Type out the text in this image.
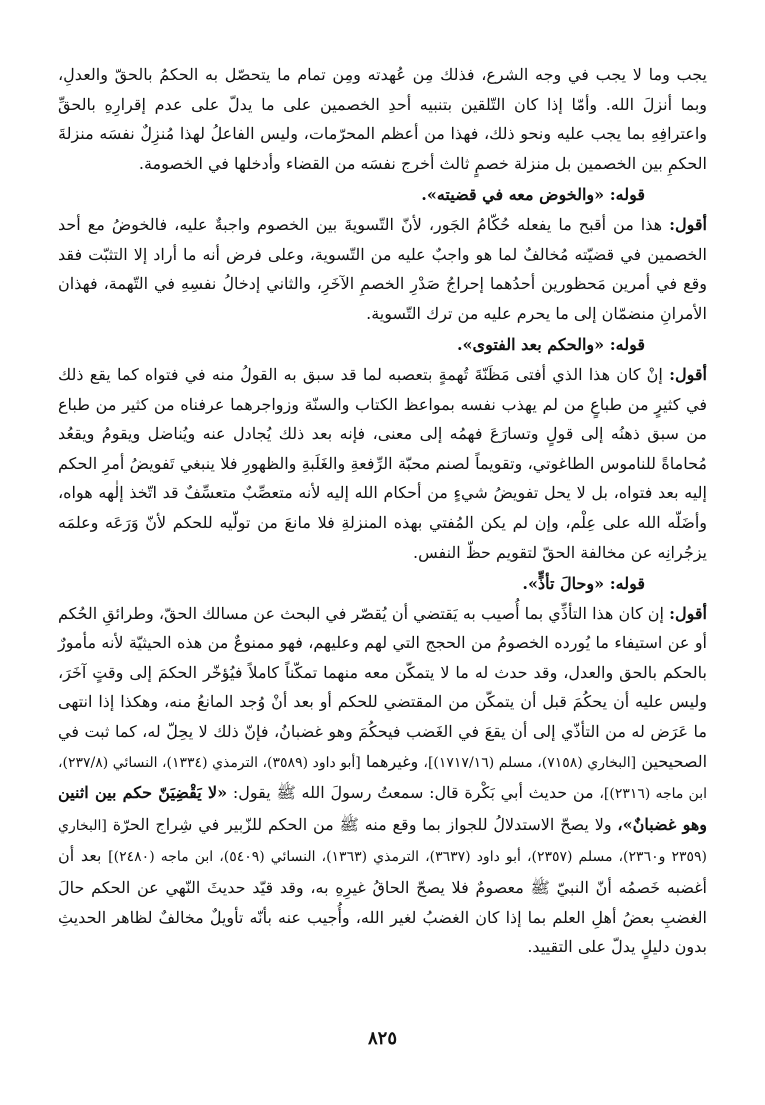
يجب وما لا يجب في وجه الشرع، فذلك مِن عُهدته ومِن تمام ما يتحصّل به الحكمُ بالحقّ والعدلِ، وبما أنزلَ الله. وأمّا إذا كان التّلقين بتنبيه أحدِ الخصمين على ما يدلّ على عدم إقرارِهِ بالحقِّ واعترافِهِ بما يجب عليه ونحو ذلك، فهذا من أعظم المحرّمات، وليس الفاعلُ لهذا مُنزِلٌ نفسَه منزلةَ الحكمِ بين الخصمين بل منزلة خصمٍ ثالث أخرج نفسَه من القضاء وأدخلها في الخصومة.

قوله: «والخوض معه في قضيته».

أقول: هذا من أقبح ما يفعله حُكّامُ الجَور، لأنّ التّسويةَ بين الخصوم واجبةٌ عليه، فالخوضُ مع أحد الخصمين في قضيّته مُخالفٌ لما هو واجبٌ عليه من التّسوية، وعلى فرض أنه ما أراد إلا التثبّت فقد وقع في أمرين مَحظورين أحدُهما إحراجُ صَدْرِ الخصمِ الآخَرِ، والثاني إدخالُ نفسِهِ في التّهمة، فهذان الأمرانِ منضمّان إلى ما يحرم عليه من ترك التّسوية.

قوله: «والحكم بعد الفتوى».

أقول: إنْ كان هذا الذي أفتى مَظَنّةَ تُهمةٍ بتعصبه لما قد سبق به القولُ منه في فتواه كما يقع ذلك في كثيرٍ من طباعٍ من لم يهذب نفسه بمواعظ الكتاب والسنّة وزواجرهما عرفناه من كثير من طباع من سبق ذهنُه إلى قولٍ وتسارَعَ فهمُه إلى معنى، فإنه بعد ذلك يُجادل عنه ويُناضل ويقومُ ويقعُد مُحاماةً للناموس الطاغوتي، وتقويماً لصنم محبّة الرِّفعةِ والغَلَبةِ والظهورِ فلا ينبغي تَفويضُ أمرِ الحكم إليه بعد فتواه، بل لا يحل تفويضُ شيءٍ من أحكام الله إليه لأنه متعصِّبٌ متعسِّفٌ قد اتّخذ إلٰهه هواه، وأضَلّه الله على عِلْم، وإن لم يكن المُفتي بهذه المنزلةِ فلا مانعَ من تولّيه للحكم لأنّ وَرَعَه وعلمَه يزجُرانِه عن مخالفة الحقّ لتقويم حظّ النفس.

قوله: «وحالَ تأذٍّ».

أقول: إن كان هذا التأذِّي بما أُصيب به يَقتضي أن يُقصّر في البحث عن مسالك الحقّ، وطرائقِ الحُكم أو عن استيفاء ما يُورده الخصومُ من الحجج التي لهم وعليهم، فهو ممنوعٌ من هذه الحيثيّة لأنه مأمورٌ بالحكم بالحق والعدل، وقد حدث له ما لا يتمكّن معه منهما تمكّناً كاملاً فيُؤخّر الحكمَ إلى وقتٍ آخَرَ، وليس عليه أن يحكُمَ قبل أن يتمكّن من المقتضي للحكم أو بعد أنْ وُجد المانعُ منه، وهكذا إذا انتهى ما عَرَض له من التأذّي إلى أن يقعَ في الغَضب فيحكُمَ وهو غضبانُ، فإنّ ذلك لا يحِلّ له، كما ثبت في الصحيحين [البخاري (٧١٥٨)، مسلم (١٧١٧/١٦)]، وغيرهما [أبو داود (٣٥٨٩)، الترمذي (١٣٣٤)، النسائي (٢٣٧/٨)، ابن ماجه (٢٣١٦)]، من حديث أبي بَكْرة قال: سمعتُ رسولَ الله ﷺ يقول: «لا يَقْضِيَنّ حكم بين اثنين وهو غضبانٌ»، ولا يصحّ الاستدلالُ للجواز بما وقع منه ﷺ من الحكم للزّبير في شِراج الحرّة [البخاري (٢٣٥٩ و٢٣٦٠)، مسلم (٢٣٥٧)، أبو داود (٣٦٣٧)، الترمذي (١٣٦٣)، النسائي (٥٤٠٩)، ابن ماجه (٢٤٨٠)] بعد أن أغضبه خَصمُه أنّ النبيّ ﷺ معصومٌ فلا يصحّ الحاقُ غيرِهِ به، وقد قيّد حديثَ النّهي عن الحكم حالَ الغضبِ بعضُ أهلِ العلم بما إذا كان الغضبُ لغير الله، وأُجيب عنه بأنّه تأويلٌ مخالفٌ لظاهر الحديثِ بدون دليلٍ يدلّ على التقييد.

٨٢٥
